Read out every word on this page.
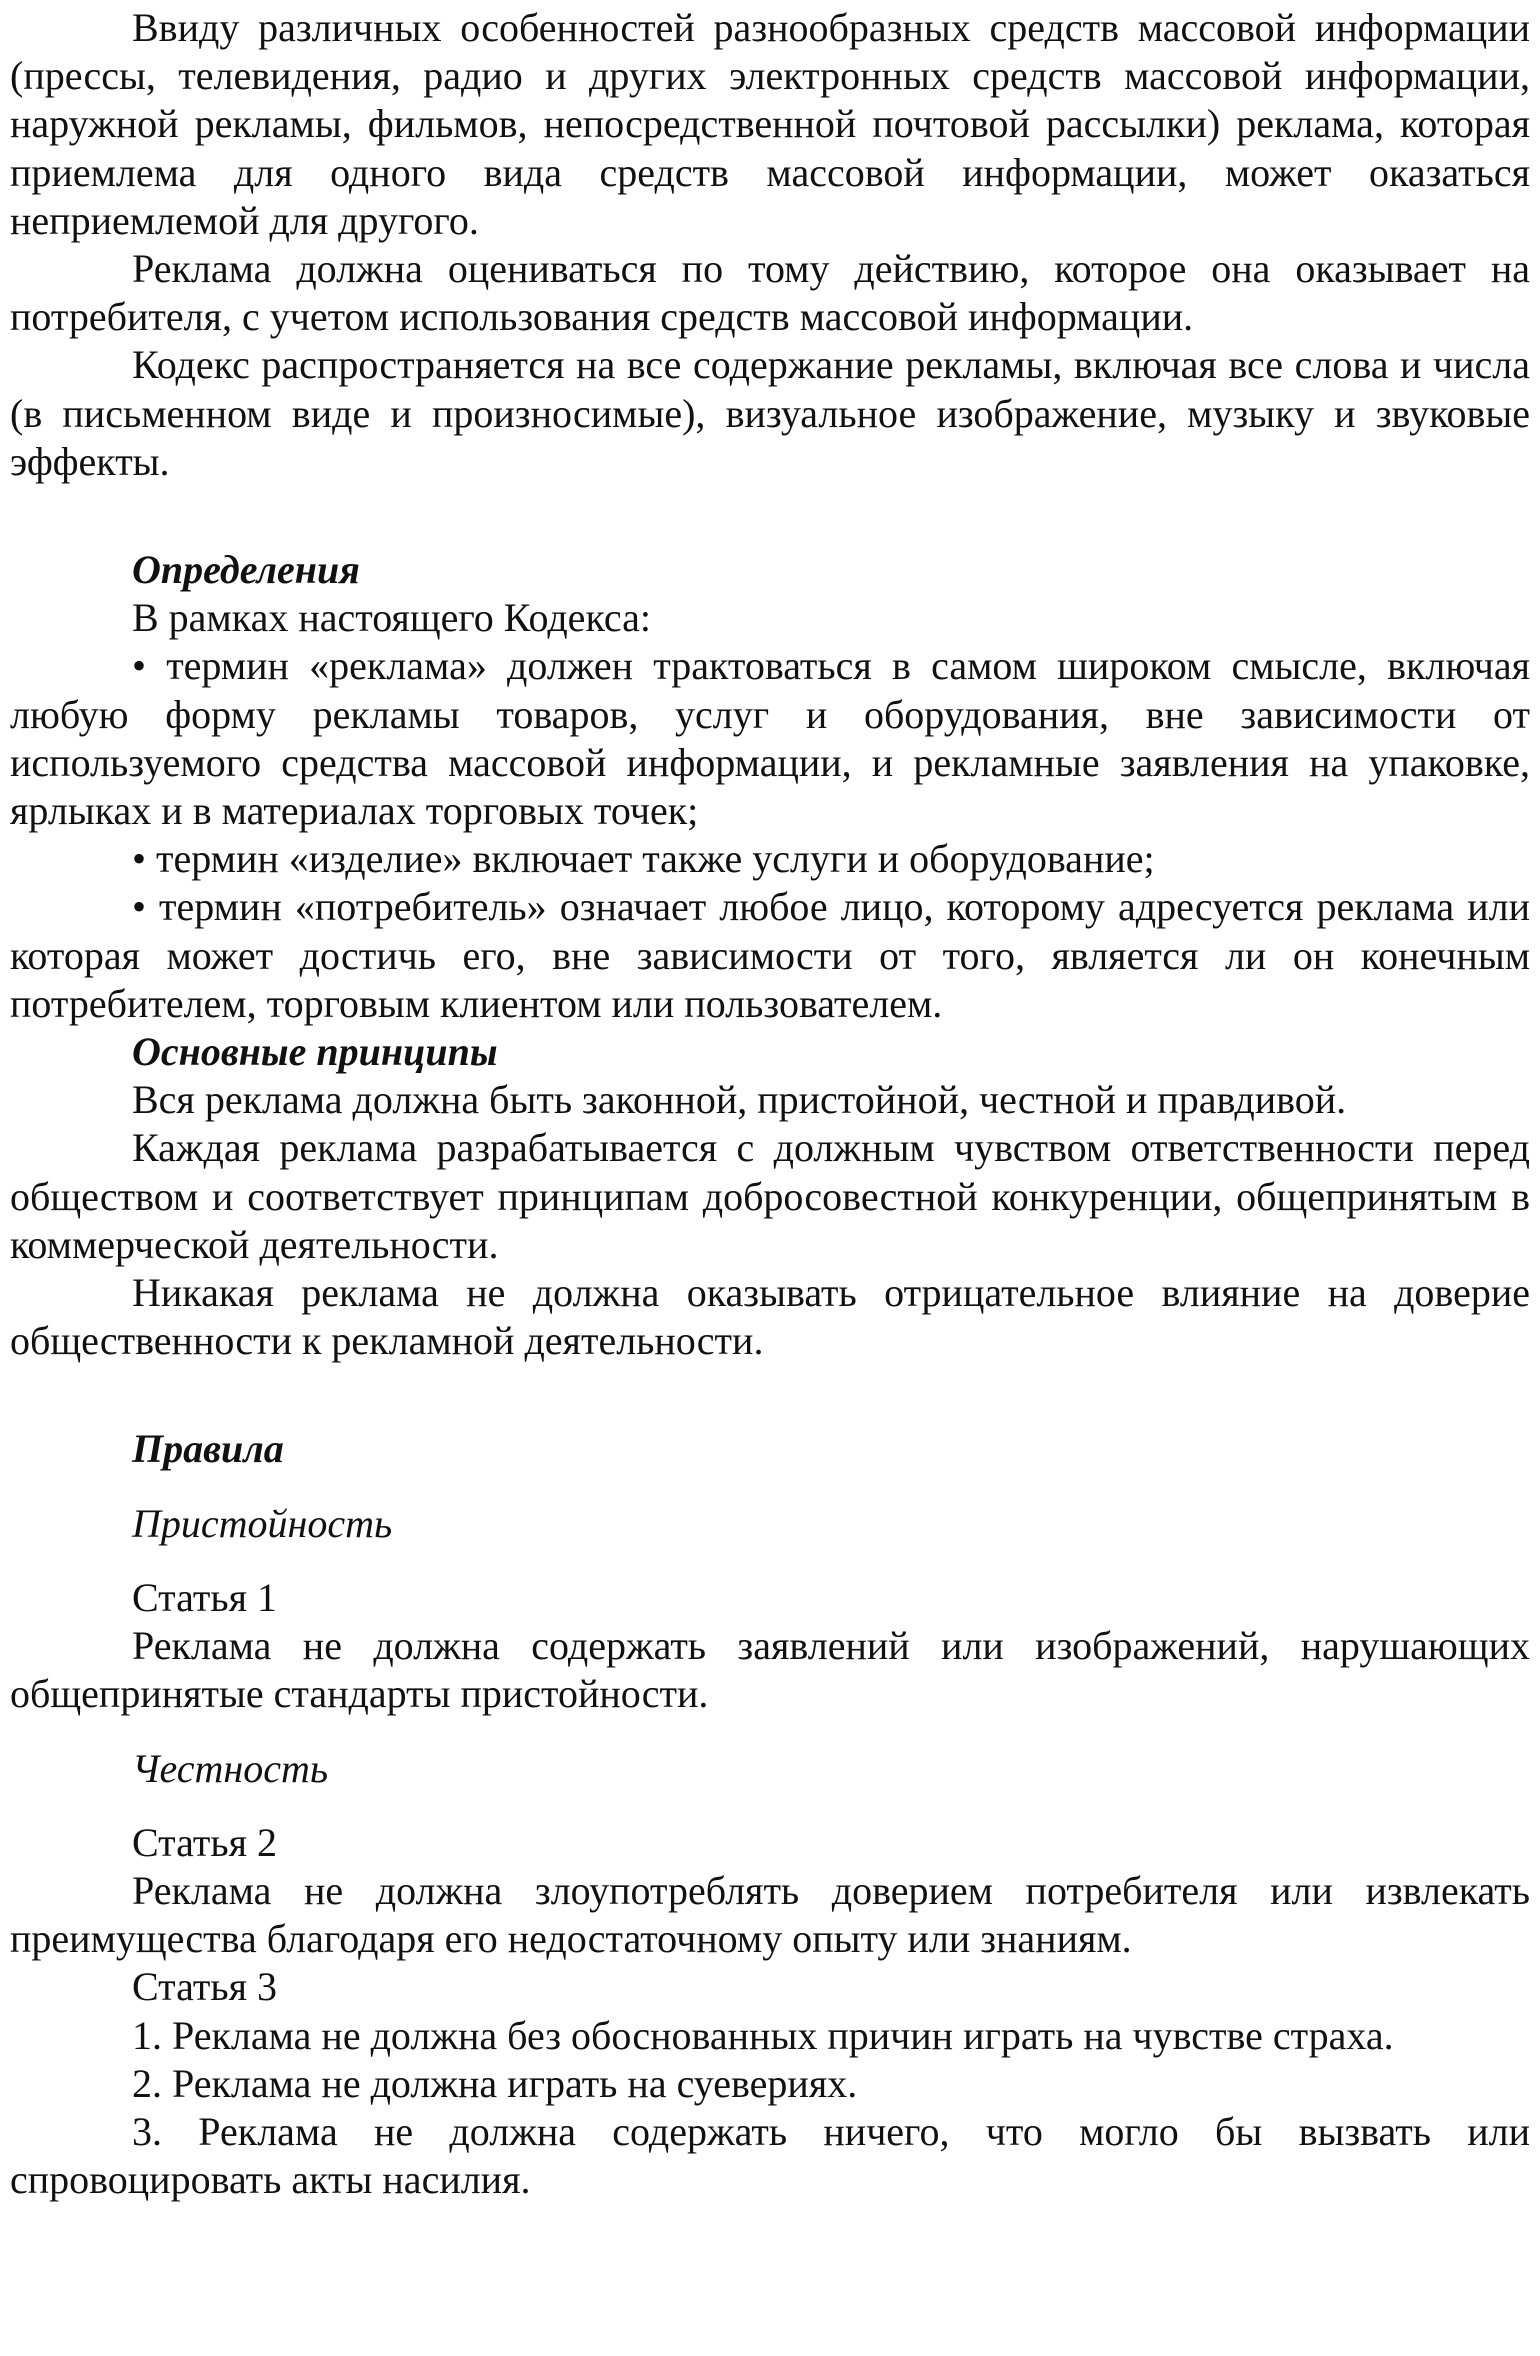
Ввиду различных особенностей разнообразных средств массовой информации (прессы, телевидения, радио и других электронных средств массовой информации, наружной рекламы, фильмов, непосредственной почтовой рассылки) реклама, которая приемлема для одного вида средств массовой информации, может оказаться неприемлемой для другого.

Реклама должна оцениваться по тому действию, которое она оказывает на потребителя, с учетом использования средств массовой информации.

Кодекс распространяется на все содержание рекламы, включая все слова и числа (в письменном виде и произносимые), визуальное изображение, музыку и звуковые эффекты.

Определения

В рамках настоящего Кодекса:

• термин «реклама» должен трактоваться в самом широком смысле, включая любую форму рекламы товаров, услуг и оборудования, вне зависимости от используемого средства массовой информации, и рекламные заявления на упаковке, ярлыках и в материалах торговых точек;

• термин «изделие» включает также услуги и оборудование;

• термин «потребитель» означает любое лицо, которому адресуется реклама или которая может достичь его, вне зависимости от того, является ли он конечным потребителем, торговым клиентом или пользователем.

Основные принципы

Вся реклама должна быть законной, пристойной, честной и правдивой.

Каждая реклама разрабатывается с должным чувством ответственности перед обществом и соответствует принципам добросовестной конкуренции, общепринятым в коммерческой деятельности.

Никакая реклама не должна оказывать отрицательное влияние на доверие общественности к рекламной деятельности.

Правила

Пристойность

Статья 1

Реклама не должна содержать заявлений или изображений, нарушающих общепринятые стандарты пристойности.

Честность

Статья 2

Реклама не должна злоупотреблять доверием потребителя или извлекать преимущества благодаря его недостаточному опыту или знаниям.

Статья 3

1. Реклама не должна без обоснованных причин играть на чувстве страха.

2. Реклама не должна играть на суевериях.

3. Реклама не должна содержать ничего, что могло бы вызвать или спровоцировать акты насилия.
